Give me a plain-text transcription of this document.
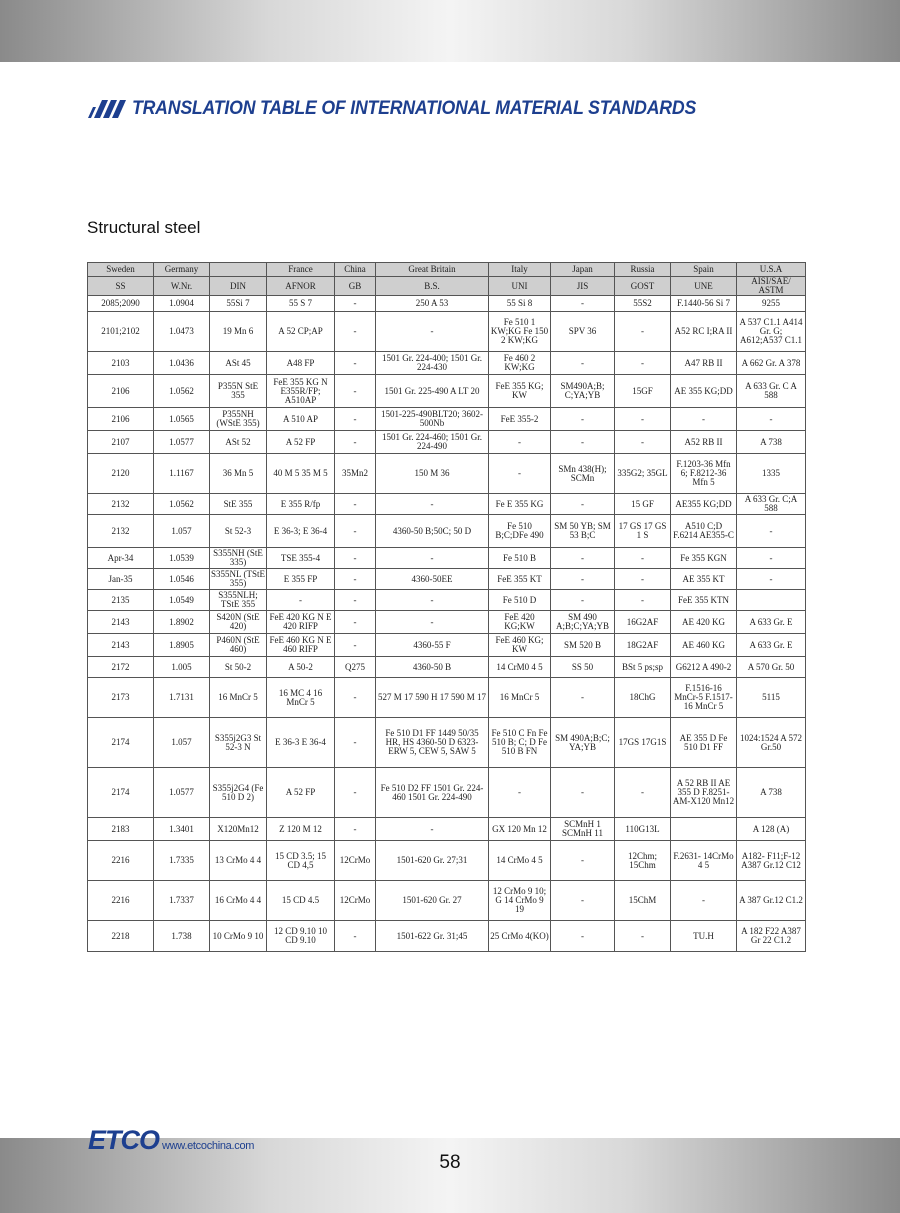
TRANSLATION TABLE OF INTERNATIONAL MATERIAL STANDARDS
Structural steel
Sweden	Germany		France	China	Great Britain	Italy	Japan	Russia	Spain	U.S.A
SS	W.Nr.	DIN	AFNOR	GB	B.S.	UNI	JIS	GOST	UNE	AISI/SAE/ ASTM
2085;2090	1.0904	55Si 7	55 S 7	-	250 A 53	55 Si 8	-	55S2	F.1440-56 Si 7	9255
2101;2102	1.0473	19 Mn 6	A 52 CP;AP	-	-	Fe 510 1 KW;KG Fe 150 2 KW;KG	SPV 36	-	A52 RC I;RA II	A 537 C1.1 A414 Gr. G; A612;A537 C1.1
2103	1.0436	ASt 45	A48 FP	-	1501 Gr. 224-400; 1501 Gr. 224-430	Fe 460 2 KW;KG	-	-	A47 RB II	A 662 Gr. A 378
2106	1.0562	P355N StE 355	FeE 355 KG N E355R/FP; A510AP	-	1501 Gr. 225-490 A LT 20	FeE 355 KG; KW	SM490A;B; C;YA;YB	15GF	AE 355 KG;DD	A 633 Gr. C A 588
2106	1.0565	P355NH (WStE 355)	A 510 AP	-	1501-225-490BLT20; 3602-500Nb	FeE 355-2	-	-	-	-
2107	1.0577	ASt 52	A 52 FP	-	1501 Gr. 224-460; 1501 Gr. 224-490	-	-	-	A52 RB II	A 738
2120	1.1167	36 Mn 5	40 M 5 35 M 5	35Mn2	150 M 36	-	SMn 438(H); SCMn	335G2; 35GL	F.1203-36 Mfn 6; F.8212-36 Mfn 5	1335
2132	1.0562	StE 355	E 355 R/fp	-	-	Fe E 355 KG	-	15 GF	AE355 KG;DD	A 633 Gr. C;A 588
2132	1.057	St 52-3	E 36-3; E 36-4	-	4360-50 B;50C; 50 D	Fe 510 B;C;DFe 490	SM 50 YB; SM 53 B;C	17 GS 17 GS 1 S	A510 C;D F.6214 AE355-C	-
Apr-34	1.0539	S355NH (StE 335)	TSE 355-4	-	-	Fe 510 B	-	-	Fe 355 KGN	-
Jan-35	1.0546	S355NL (TStE 355)	E 355 FP	-	4360-50EE	FeE 355 KT	-	-	AE 355 KT	-
2135	1.0549	S355NLH; TStE 355	-	-	-	Fe 510 D	-	-	FeE 355 KTN	
2143	1.8902	S420N (StE 420)	FeE 420 KG N E 420 RIFP	-	-	FeE 420 KG;KW	SM 490 A;B;C;YA;YB	16G2AF	AE 420 KG	A 633 Gr. E
2143	1.8905	P460N (StE 460)	FeE 460 KG N E 460 RIFP	-	4360-55 F	FeE 460 KG; KW	SM 520 B	18G2AF	AE 460 KG	A 633 Gr. E
2172	1.005	St 50-2	A 50-2	Q275	4360-50 B	14 CrM0 4 5	SS 50	BSt 5 ps;sp	G6212 A 490-2	A 570 Gr. 50
2173	1.7131	16 MnCr 5	16 MC 4 16 MnCr 5	-	527 M 17 590 H 17 590 M 17	16 MnCr 5	-	18ChG	F.1516-16 MnCr-5 F.1517-16 MnCr 5	5115
2174	1.057	S355j2G3 St 52-3 N	E 36-3 E 36-4	-	Fe 510 D1 FF 1449 50/35 HR, HS 4360-50 D 6323-ERW 5, CEW 5, SAW 5	Fe 510 C Fn Fe 510 B; C; D Fe 510 B FN	SM 490A;B;C; YA;YB	17GS 17G1S	AE 355 D Fe 510 D1 FF	1024:1524 A 572 Gr.50
2174	1.0577	S355j2G4 (Fe 510 D 2)	A 52 FP	-	Fe 510 D2 FF 1501 Gr. 224-460 1501 Gr. 224-490	-	-	-	A 52 RB II AE 355 D F.8251- AM-X120 Mn12	A 738
2183	1.3401	X120Mn12	Z 120 M 12	-	-	GX 120 Mn 12	SCMnH 1 SCMnH 11	110G13L		A 128 (A)
2216	1.7335	13 CrMo 4 4	15 CD 3.5; 15 CD 4,5	12CrMo	1501-620 Gr. 27;31	14 CrMo 4 5	-	12Chm; 15Chm	F.2631- 14CrMo 4 5	A182- F11;F-12 A387 Gr.12 C12
2216	1.7337	16 CrMo 4 4	15 CD 4.5	12CrMo	1501-620 Gr. 27	12 CrMo 9 10; G 14 CrMo 9 19	-	15ChM	-	A 387 Gr.12 C1.2
2218	1.738	10 CrMo 9 10	12 CD 9.10 10 CD 9.10	-	1501-622 Gr. 31;45	25 CrMo 4(KO)	-	-	TU.H	A 182 F22 A387 Gr 22 C1.2
ETCO www.etcochina.com
58
